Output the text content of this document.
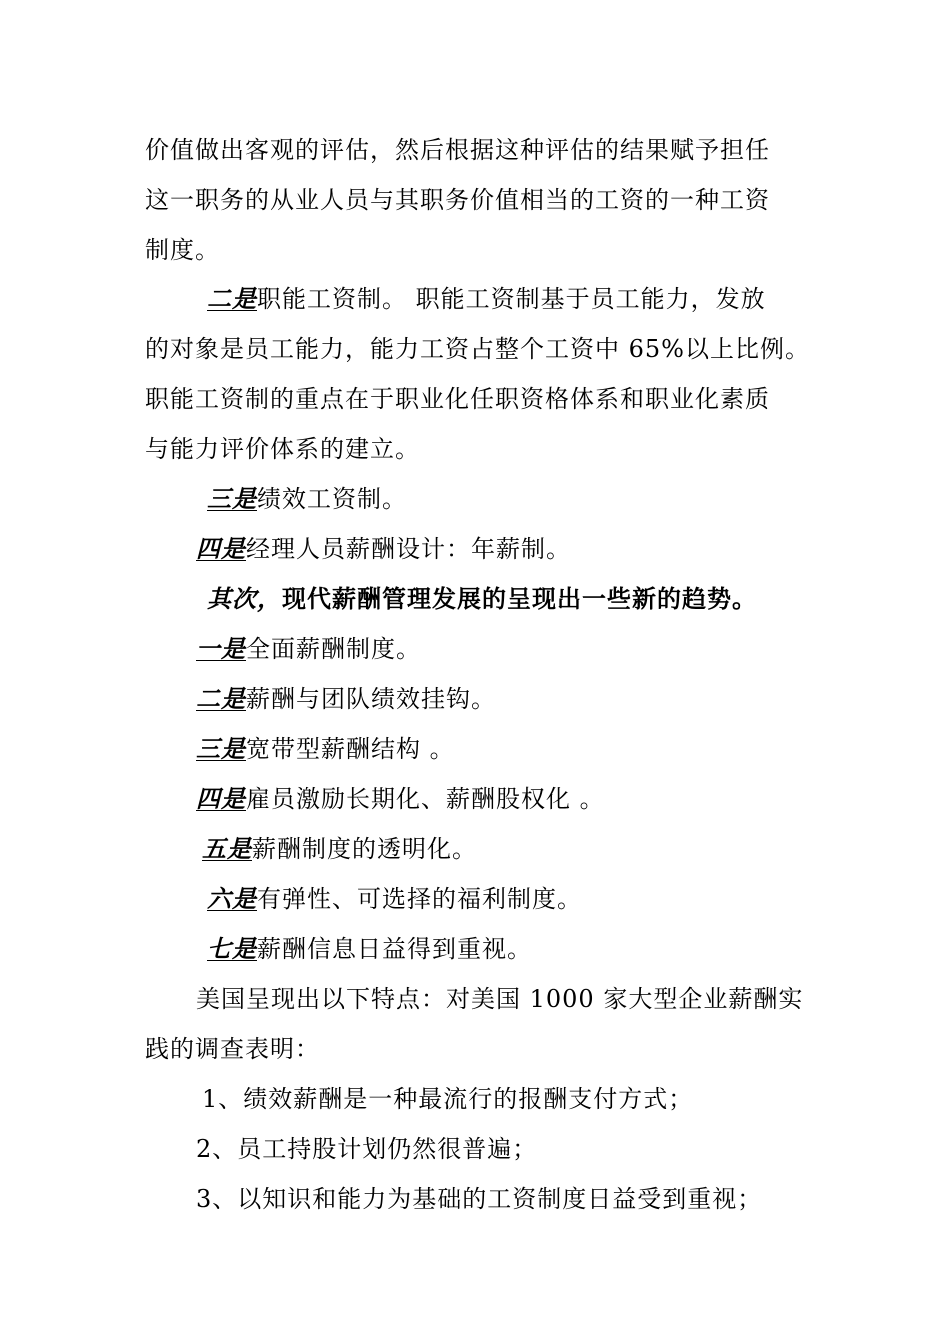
价值做出客观的评估，然后根据这种评估的结果赋予担任
这一职务的从业人员与其职务价值相当的工资的一种工资
制度。
二是职能工资制。 职能工资制基于员工能力，发放
的对象是员工能力，能力工资占整个工资中 65%以上比例。
职能工资制的重点在于职业化任职资格体系和职业化素质
与能力评价体系的建立。
三是绩效工资制。
四是经理人员薪酬设计：年薪制。
其次，现代薪酬管理发展的呈现出一些新的趋势。
一是全面薪酬制度。
二是薪酬与团队绩效挂钩。
三是宽带型薪酬结构 。
四是雇员激励长期化、薪酬股权化 。
五是薪酬制度的透明化。
六是有弹性、可选择的福利制度。
七是薪酬信息日益得到重视。
美国呈现出以下特点：对美国 1000 家大型企业薪酬实
践的调查表明：
1、绩效薪酬是一种最流行的报酬支付方式；
2、员工持股计划仍然很普遍；
3、以知识和能力为基础的工资制度日益受到重视；
